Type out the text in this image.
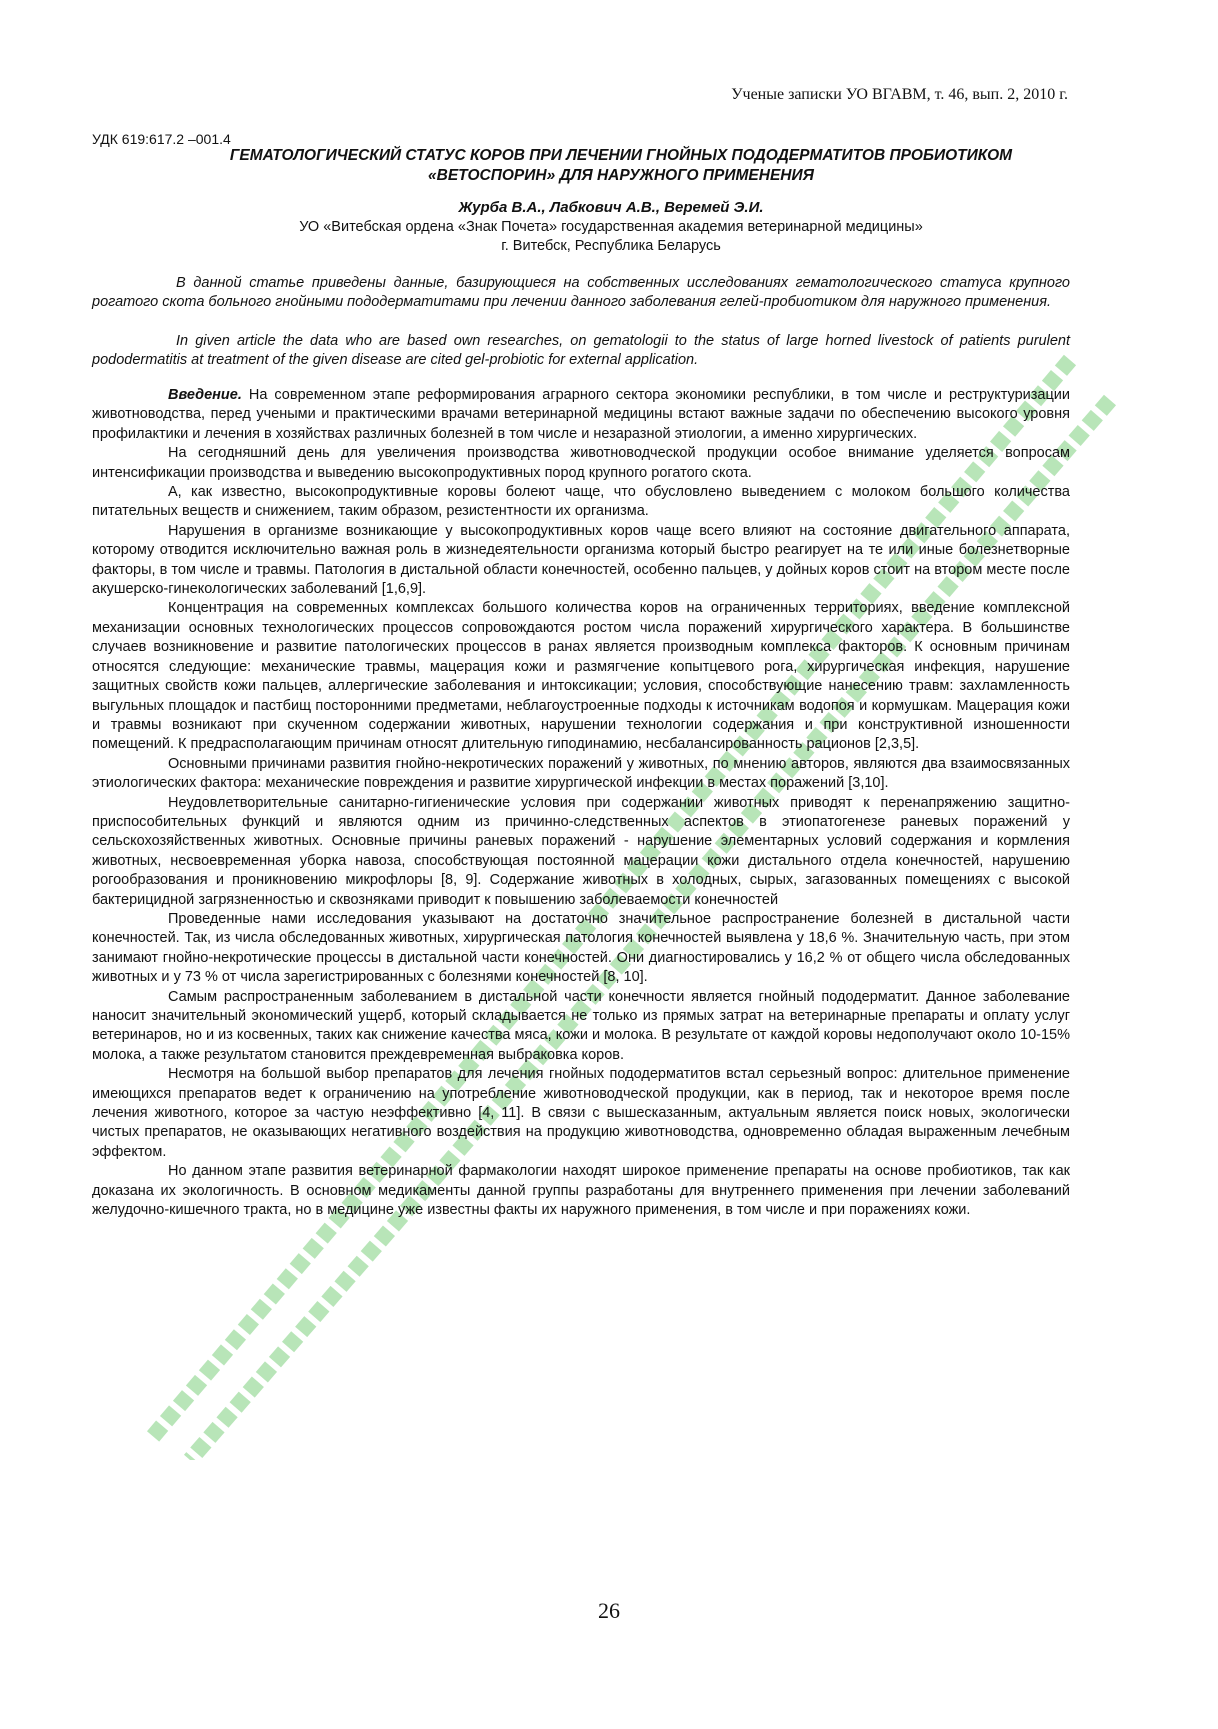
Ученые записки УО ВГАВМ, т. 46, вып. 2, 2010 г.
УДК 619:617.2 –001.4
ГЕМАТОЛОГИЧЕСКИЙ СТАТУС КОРОВ ПРИ ЛЕЧЕНИИ ГНОЙНЫХ ПОДОДЕРМАТИТОВ ПРОБИОТИКОМ «ВЕТОСПОРИН» ДЛЯ НАРУЖНОГО ПРИМЕНЕНИЯ
Журба В.А., Лабкович А.В., Веремей Э.И.
УО «Витебская ордена «Знак Почета» государственная академия ветеринарной медицины»
г. Витебск, Республика Беларусь

В данной статье приведены данные, базирующиеся на собственных исследованиях гематологического статуса крупного рогатого скота больного гнойными пододерматитами при лечении данного заболевания гелей-пробиотиком для наружного применения.

In given article the data who are based own researches, on gematologii to the status of large horned livestock of patients purulent pododermatitis at treatment of the given disease are cited gel-probiotic for external application.

Введение. На современном этапе реформирования аграрного сектора экономики республики, в том числе и реструктуризации животноводства, перед учеными и практическими врачами ветеринарной медицины встают важные задачи по обеспечению высокого уровня профилактики и лечения в хозяйствах различных болезней в том числе и незаразной этиологии, а именно хирургических.

На сегодняшний день для увеличения производства животноводческой продукции особое внимание уделяется вопросам интенсификации производства и выведению высокопродуктивных пород крупного рогатого скота.

А, как известно, высокопродуктивные коровы болеют чаще, что обусловлено выведением с молоком большого количества питательных веществ и снижением, таким образом, резистентности их организма.

Нарушения в организме возникающие у высокопродуктивных коров чаще всего влияют на состояние двигательного аппарата, которому отводится исключительно важная роль в жизнедеятельности организма который быстро реагирует на те или иные болезнетворные факторы, в том числе и травмы. Патология в дистальной области конечностей, особенно пальцев, у дойных коров стоит на втором месте после акушерско-гинекологических заболеваний [1,6,9].

Концентрация на современных комплексах большого количества коров на ограниченных территориях, введение комплексной механизации основных технологических процессов сопровождаются ростом числа поражений хирургического характера. В большинстве случаев возникновение и развитие патологических процессов в ранах является производным комплекса факторов. К основным причинам относятся следующие: механические травмы, мацерация кожи и размягчение копытцевого рога, хирургическая инфекция, нарушение защитных свойств кожи пальцев, аллергические заболевания и интоксикации; условия, способствующие нанесению травм: захламленность выгульных площадок и пастбищ посторонними предметами, неблагоустроенные подходы к источникам водопоя и кормушкам. Мацерация кожи и травмы возникают при скученном содержании животных, нарушении технологии содержания и при конструктивной изношенности помещений. К предрасполагающим причинам относят длительную гиподинамию, несбалансированность рационов [2,3,5].

Основными причинами развития гнойно-некротических поражений у животных, по мнению авторов, являются два взаимосвязанных этиологических фактора: механические повреждения и развитие хирургической инфекции в местах поражений [3,10].

Неудовлетворительные санитарно-гигиенические условия при содержании животных приводят к перенапряжению защитно-приспособительных функций и являются одним из причинно-следственных аспектов в этиопатогенезе раневых поражений у сельскохозяйственных животных. Основные причины раневых поражений - нарушение элементарных условий содержания и кормления животных, несвоевременная уборка навоза, способствующая постоянной мацерации кожи дистального отдела конечностей, нарушению рогообразования и проникновению микрофлоры [8, 9]. Содержание животных в холодных, сырых, загазованных помещениях с высокой бактерицидной загрязненностью и сквозняками приводит к повышению заболеваемости конечностей

Проведенные нами исследования указывают на достаточно значительное распространение болезней в дистальной части конечностей. Так, из числа обследованных животных, хирургическая патология конечностей выявлена у 18,6 %. Значительную часть, при этом занимают гнойно-некротические процессы в дистальной части конечностей. Они диагностировались у 16,2 % от общего числа обследованных животных и у 73 % от числа зарегистрированных с болезнями конечностей [8, 10].

Самым распространенным заболеванием в дистальной части конечности является гнойный пододерматит. Данное заболевание наносит значительный экономический ущерб, который складывается не только из прямых затрат на ветеринарные препараты и оплату услуг ветеринаров, но и из косвенных, таких как снижение качества мяса, кожи и молока. В результате от каждой коровы недополучают около 10-15% молока, а также результатом становится преждевременная выбраковка коров.

Несмотря на большой выбор препаратов для лечения гнойных пододерматитов встал серьезный вопрос: длительное применение имеющихся препаратов ведет к ограничению на употребление животноводческой продукции, как в период, так и некоторое время после лечения животного, которое за частую неэффективно [4, 11]. В связи с вышесказанным, актуальным является поиск новых, экологически чистых препаратов, не оказывающих негативного воздействия на продукцию животноводства, одновременно обладая выраженным лечебным эффектом.

Но данном этапе развития ветеринарной фармакологии находят широкое применение препараты на основе пробиотиков, так как доказана их экологичность. В основном медикаменты данной группы разработаны для внутреннего применения при лечении заболеваний желудочно-кишечного тракта, но в медицине уже известны факты их наружного применения, в том числе и при поражениях кожи.

26
